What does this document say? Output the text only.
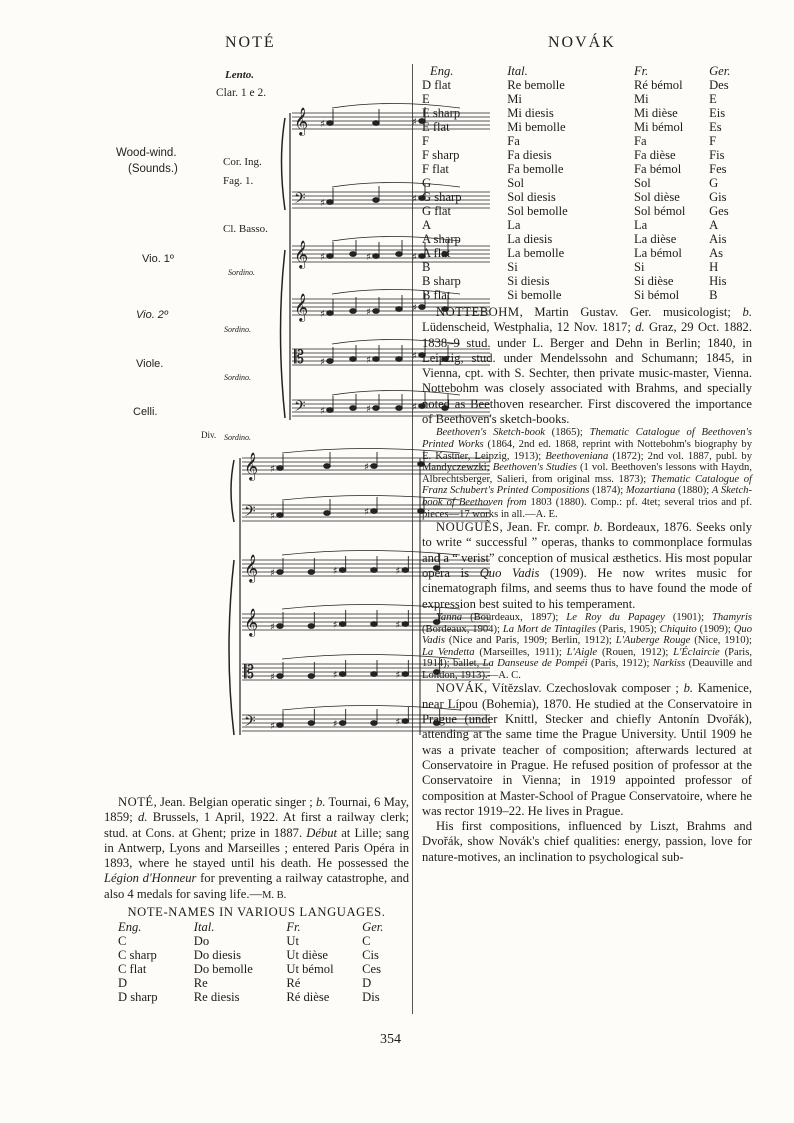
NOTÉ	NOVÁK
Lento.
Clar. 1 e 2.
Wood-wind.
(Sounds.)
Cor. Ing.
Fag. 1.
Cl. Basso.
Vio. 1º
Vio. 2º
Viole.
Celli.
Sordino.
Sordino.
Sordino.
Div. Sordino.
𝄞 ♯	♯
𝄢 ♯	♯
𝄞 ♯	♯	♯
𝄞 ♯	♯	♯
𝄡 ♯	♯	♯
𝄢 ♯	♯	♯
𝄞 ♯	♯
𝄢 ♯	♯
𝄞 ♯	♯	♯
𝄞 ♯	♯	♯
𝄡 ♯	♯	♯
𝄢 ♯	♯	♯

NOTÉ, Jean. Belgian operatic singer ; b. Tournai, 6 May, 1859; d. Brussels, 1 April, 1922. At first a railway clerk; stud. at Cons. at Ghent; prize in 1887. Début at Lille; sang in Antwerp, Lyons and Marseilles ; entered Paris Opéra in 1893, where he stayed until his death. He possessed the Légion d'Honneur for preventing a railway catastrophe, and also 4 medals for saving life.—M. B.

NOTE-NAMES IN VARIOUS LANGUAGES.
Eng.	Ital.	Fr.	Ger.
C	Do	Ut	C
C sharp	Do diesis	Ut dièse	Cis
C flat	Do bemolle	Ut bémol	Ces
D	Re	Ré	D
D sharp	Re diesis	Ré dièse	Dis
Eng.	Ital.	Fr.	Ger.
D flat	Re bemolle	Ré bémol	Des
E	Mi	Mi	E
E sharp	Mi diesis	Mi dièse	Eis
E flat	Mi bemolle	Mi bémol	Es
F	Fa	Fa	F
F sharp	Fa diesis	Fa dièse	Fis
F flat	Fa bemolle	Fa bémol	Fes
G	Sol	Sol	G
G sharp	Sol diesis	Sol dièse	Gis
G flat	Sol bemolle	Sol bémol	Ges
A	La	La	A
A sharp	La diesis	La dièse	Ais
A flat	La bemolle	La bémol	As
B	Si	Si	H
B sharp	Si diesis	Si dièse	His
B flat	Si bemolle	Si bémol	B

NOTTEBOHM, Martin Gustav. Ger. musicologist; b. Lüdenscheid, Westphalia, 12 Nov. 1817; d. Graz, 29 Oct. 1882. 1838–9 stud. under L. Berger and Dehn in Berlin; 1840, in Leipzig, stud. under Mendelssohn and Schumann; 1845, in Vienna, cpt. with S. Sechter, then private music-master, Vienna. Nottebohm was closely associated with Brahms, and specially noted as Beethoven researcher. First discovered the importance of Beethoven's sketch-books.

Beethoven's Sketch-book (1865); Thematic Catalogue of Beethoven's Printed Works (1864, 2nd ed. 1868, reprint with Nottebohm's biography by E. Kastner, Leipzig, 1913); Beethoveniana (1872); 2nd vol. 1887, publ. by Mandyczewzki; Beethoven's Studies (1 vol. Beethoven's lessons with Haydn, Albrechtsberger, Salieri, from original mss. 1873); Thematic Catalogue of Franz Schubert's Printed Compositions (1874); Mozartiana (1880); A Sketch-book of Beethoven from 1803 (1880). Comp.: pf. 4tet; several trios and pf. pieces—17 works in all.—A. E.

NOUGUÈS, Jean. Fr. compr. b. Bordeaux, 1876. Seeks only to write “ successful ” operas, thanks to commonplace formulas and a “ verist” conception of musical æsthetics. His most popular opera is Quo Vadis (1909). He now writes music for cinematograph films, and seems thus to have found the mode of expression best suited to his temperament.

Yanna (Bourdeaux, 1897); Le Roy du Papagey (1901); Thamyris (Bordeaux, 1904); La Mort de Tintagiles (Paris, 1905); Chiquito (1909); Quo Vadis (Nice and Paris, 1909; Berlin, 1912); L'Auberge Rouge (Nice, 1910); La Vendetta (Marseilles, 1911); L'Aigle (Rouen, 1912); L'Éclaircie (Paris, 1914); ballet, La Danseuse de Pompéi (Paris, 1912); Narkiss (Deauville and London, 1913).—A. C.

NOVÁK, Vítězslav. Czechoslovak composer ; b. Kamenice, near Lípou (Bohemia), 1870. He studied at the Conservatoire in Prague (under Knittl, Stecker and chiefly Antonín Dvořák), attending at the same time the Prague University. Until 1909 he was a private teacher of composition; afterwards lectured at Conservatoire in Prague. He refused position of professor at the Conservatoire in Vienna; in 1919 appointed professor of composition at Master-School of Prague Conservatoire, where he was rector 1919–22. He lives in Prague.

His first compositions, influenced by Liszt, Brahms and Dvořák, show Novák's chief qualities: energy, passion, love for nature-motives, an inclination to psychological sub-

354
